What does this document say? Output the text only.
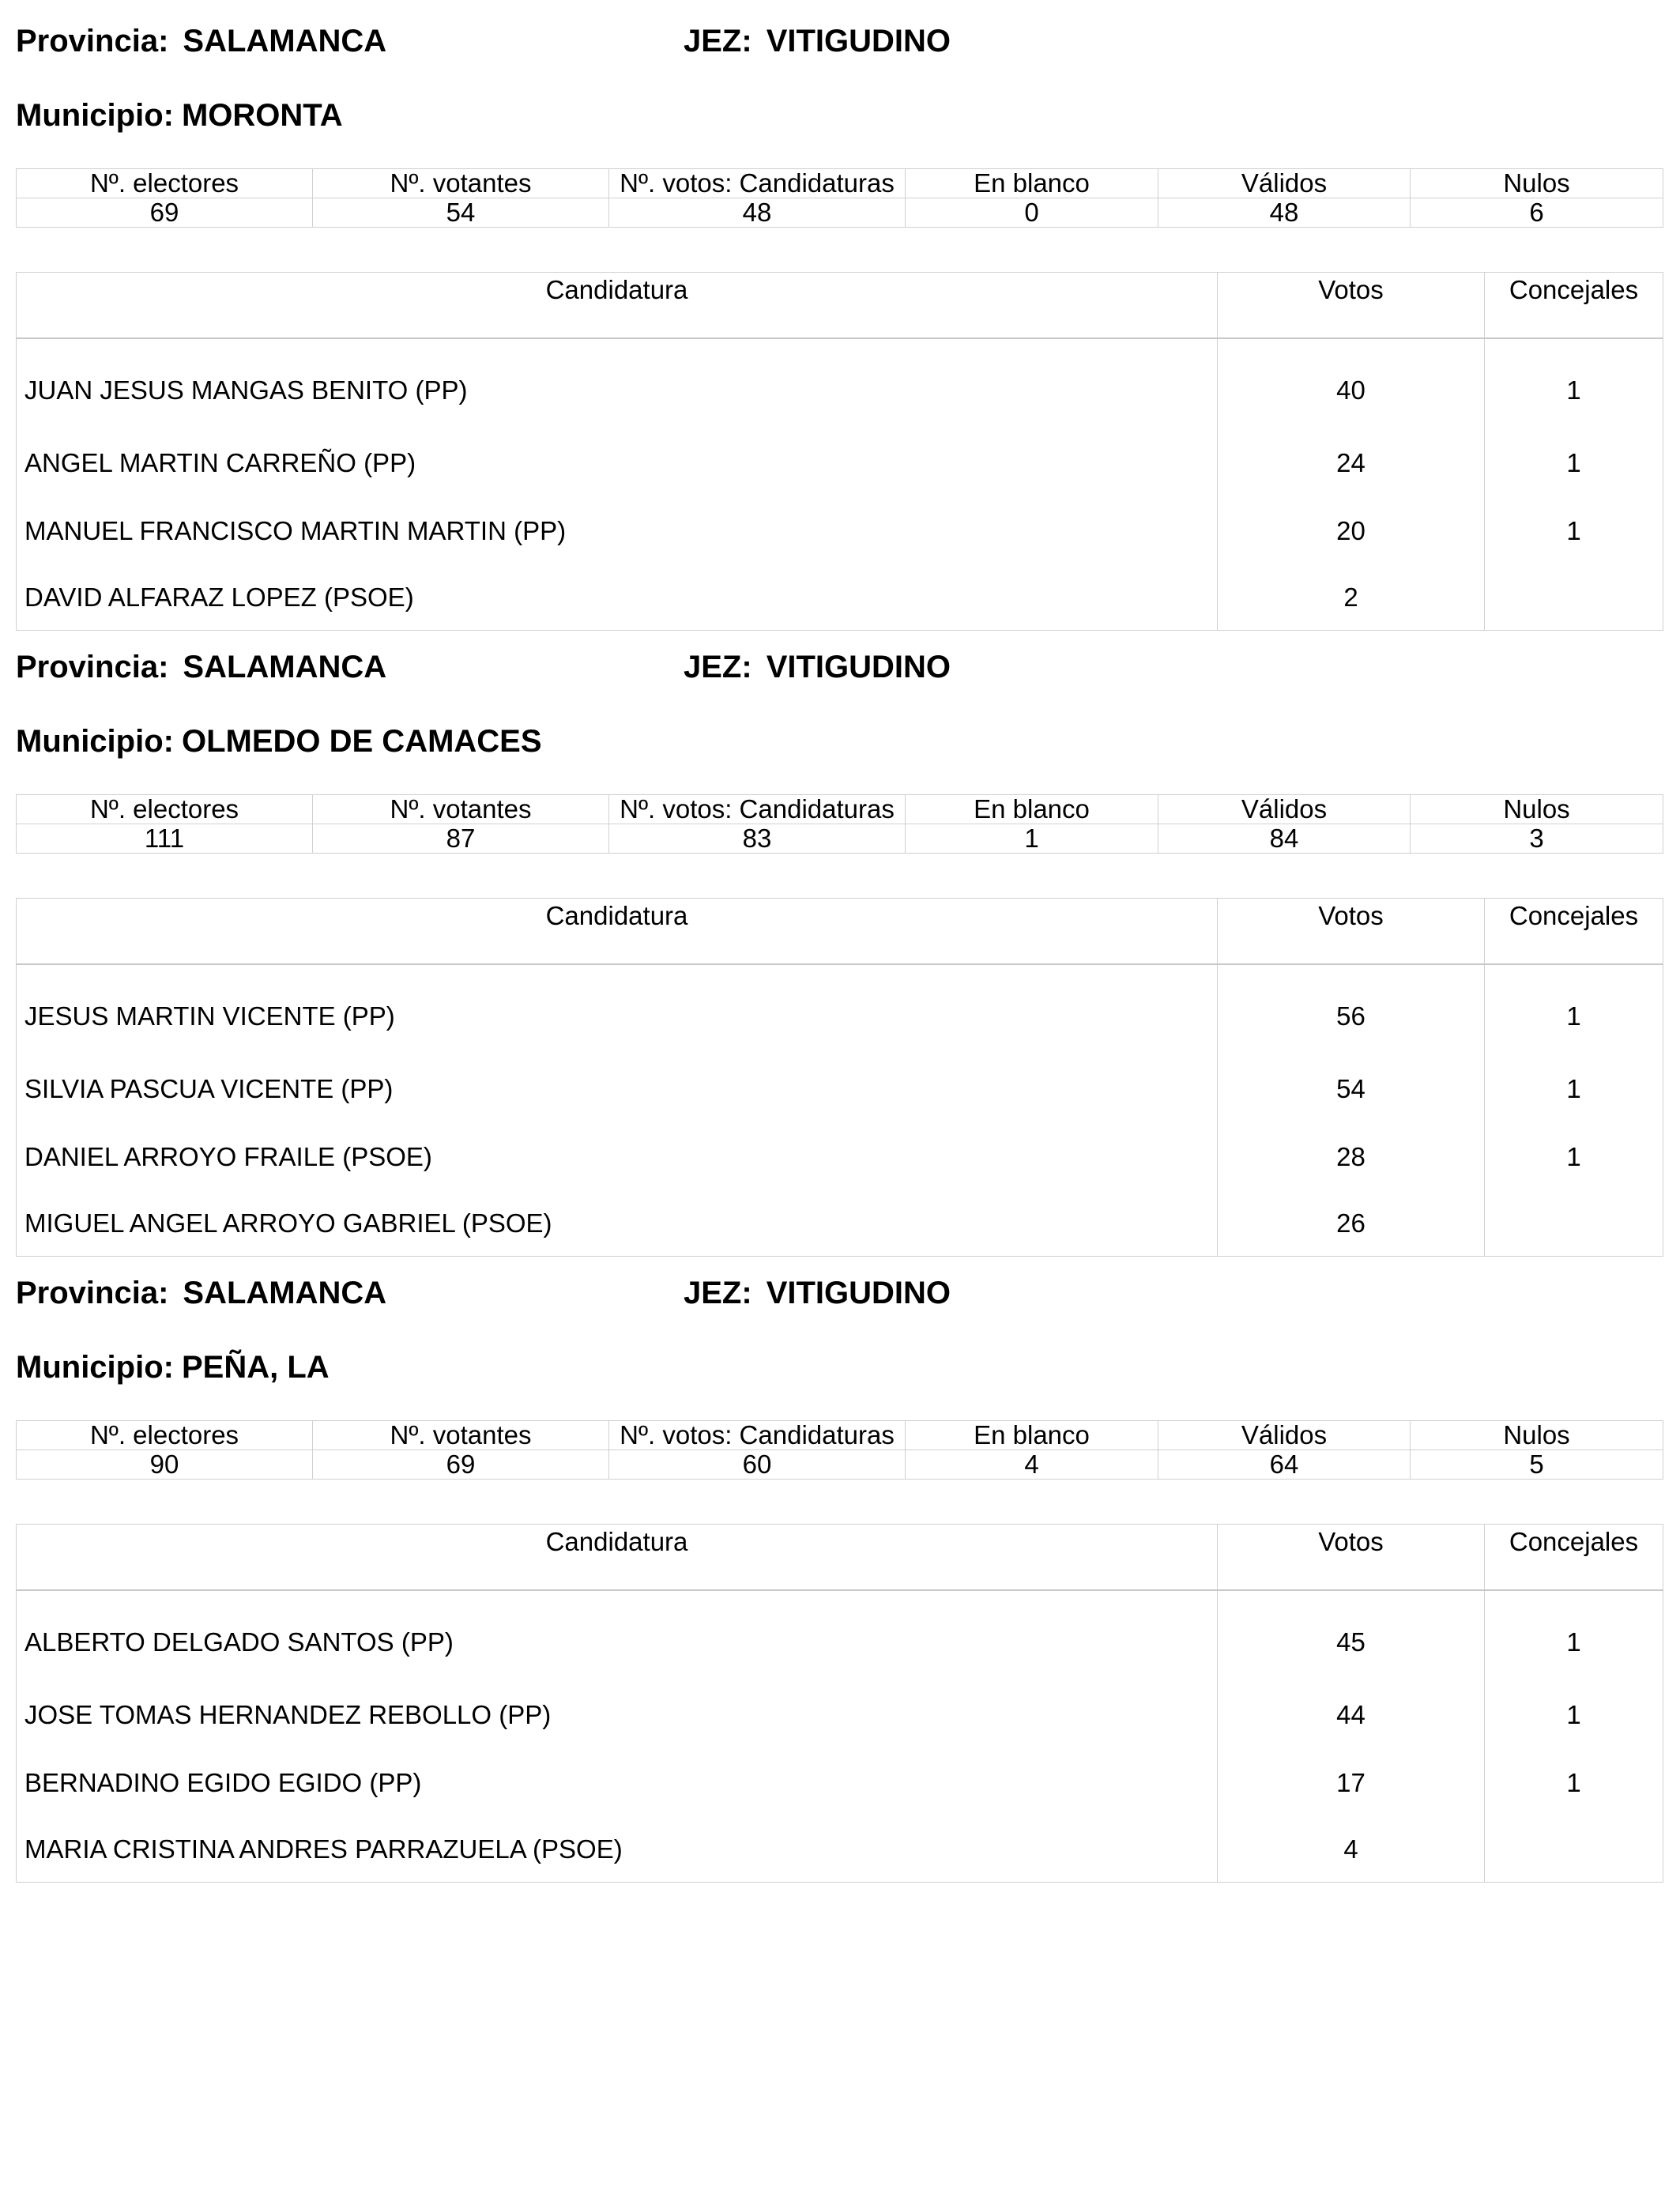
Provincia: SALAMANCA	JEZ: VITIGUDINO
Municipio: MORONTA
Nº. electores	Nº. votantes	Nº. votos: Candidaturas	En blanco	Válidos	Nulos
69	54	48	0	48	6
Candidatura	Votos	Concejales
JUAN JESUS MANGAS BENITO (PP)	40	1
ANGEL MARTIN CARREÑO (PP)	24	1
MANUEL FRANCISCO MARTIN MARTIN (PP)	20	1
DAVID ALFARAZ LOPEZ (PSOE)	2	
Provincia: SALAMANCA	JEZ: VITIGUDINO
Municipio: OLMEDO DE CAMACES
Nº. electores	Nº. votantes	Nº. votos: Candidaturas	En blanco	Válidos	Nulos
111	87	83	1	84	3
Candidatura	Votos	Concejales
JESUS MARTIN VICENTE (PP)	56	1
SILVIA PASCUA VICENTE (PP)	54	1
DANIEL ARROYO FRAILE (PSOE)	28	1
MIGUEL ANGEL ARROYO GABRIEL (PSOE)	26	
Provincia: SALAMANCA	JEZ: VITIGUDINO
Municipio: PEÑA, LA
Nº. electores	Nº. votantes	Nº. votos: Candidaturas	En blanco	Válidos	Nulos
90	69	60	4	64	5
Candidatura	Votos	Concejales
ALBERTO DELGADO SANTOS (PP)	45	1
JOSE TOMAS HERNANDEZ REBOLLO (PP)	44	1
BERNADINO EGIDO EGIDO (PP)	17	1
MARIA CRISTINA ANDRES PARRAZUELA (PSOE)	4	
